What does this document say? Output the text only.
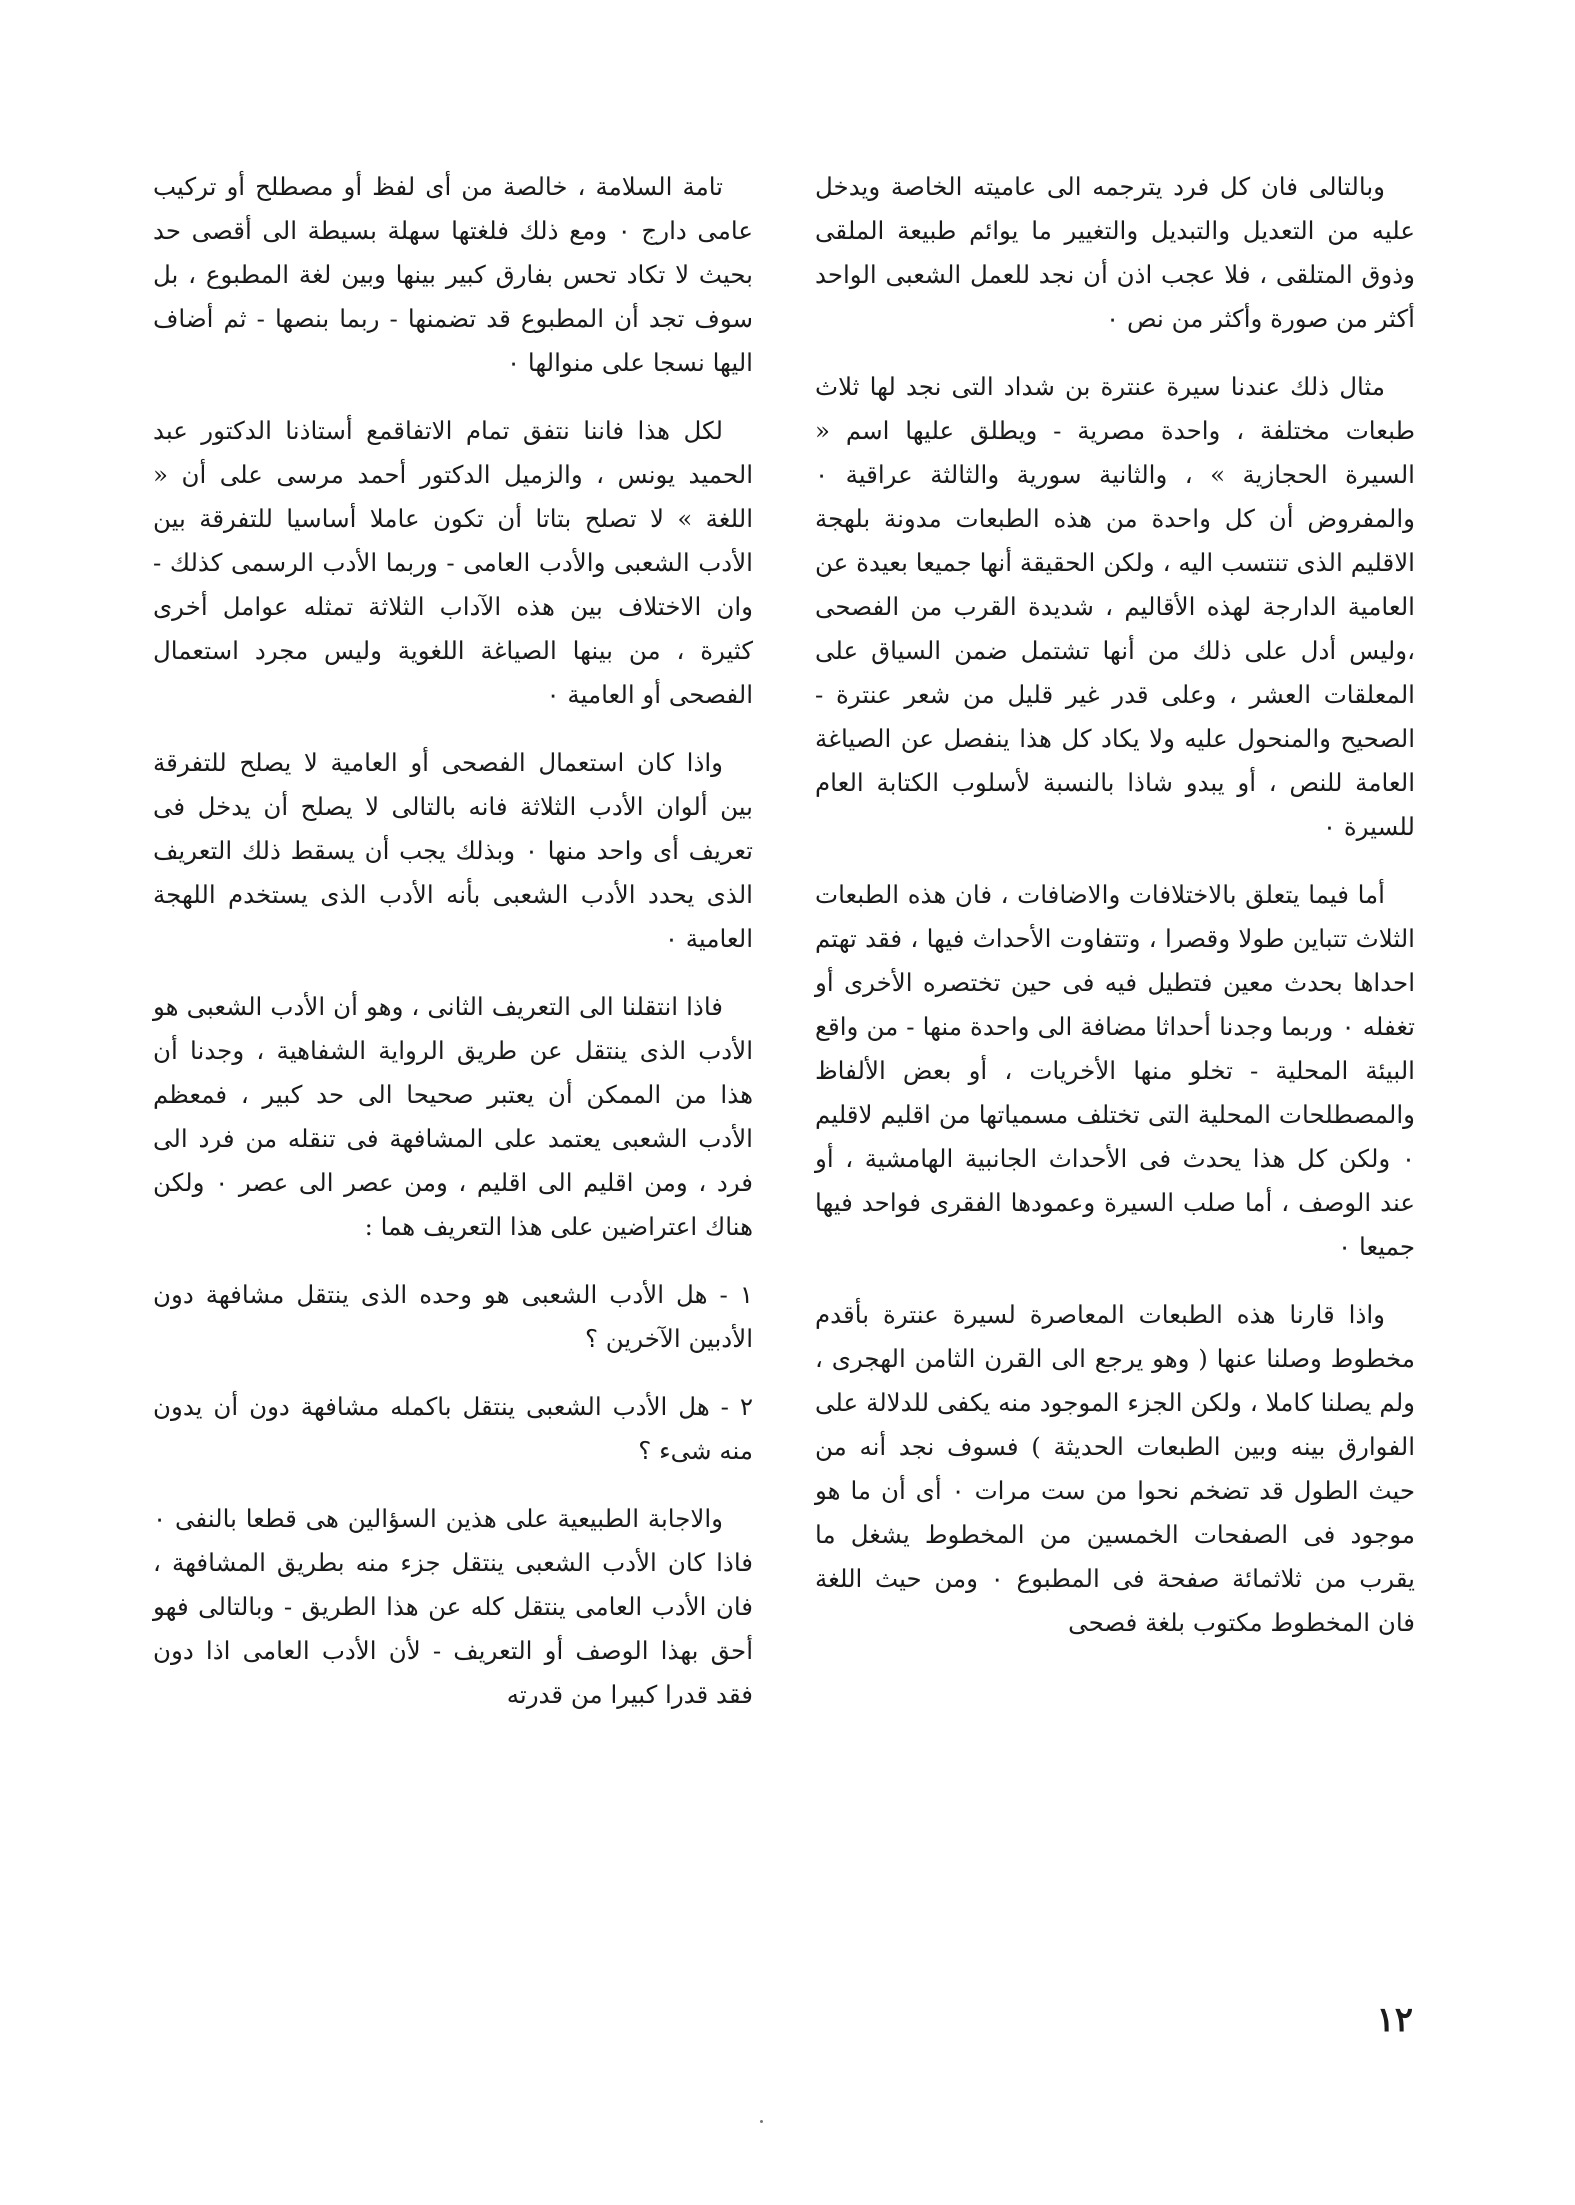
وبالتالى فان كل فرد يترجمه الى عاميته الخاصة ويدخل عليه من التعديل والتبديل والتغيير ما يوائم طبيعة الملقى وذوق المتلقى ، فلا عجب اذن أن نجد للعمل الشعبى الواحد أكثر من صورة وأكثر من نص ٠

مثال ذلك عندنا سيرة عنترة بن شداد التى نجد لها ثلاث طبعات مختلفة ، واحدة مصرية - ويطلق عليها اسم « السيرة الحجازية » ، والثانية سورية والثالثة عراقية ٠ والمفروض أن كل واحدة من هذه الطبعات مدونة بلهجة الاقليم الذى تنتسب اليه ، ولكن الحقيقة أنها جميعا بعيدة عن العامية الدارجة لهذه الأقاليم ، شديدة القرب من الفصحى ،وليس أدل على ذلك من أنها تشتمل ضمن السياق على المعلقات العشر ، وعلى قدر غير قليل من شعر عنترة - الصحيح والمنحول عليه ولا يكاد كل هذا ينفصل عن الصياغة العامة للنص ، أو يبدو شاذا بالنسبة لأسلوب الكتابة العام للسيرة ٠

أما فيما يتعلق بالاختلافات والاضافات ، فان هذه الطبعات الثلاث تتباين طولا وقصرا ، وتتفاوت الأحداث فيها ، فقد تهتم احداها بحدث معين فتطيل فيه فى حين تختصره الأخرى أو تغفله ٠ وربما وجدنا أحداثا مضافة الى واحدة منها - من واقع البيئة المحلية - تخلو منها الأخريات ، أو بعض الألفاظ والمصطلحات المحلية التى تختلف مسمياتها من اقليم لاقليم ٠ ولكن كل هذا يحدث فى الأحداث الجانبية الهامشية ، أو عند الوصف ، أما صلب السيرة وعمودها الفقرى فواحد فيها جميعا ٠

واذا قارنا هذه الطبعات المعاصرة لسيرة عنترة بأقدم مخطوط وصلنا عنها ( وهو يرجع الى القرن الثامن الهجرى ، ولم يصلنا كاملا ، ولكن الجزء الموجود منه يكفى للدلالة على الفوارق بينه وبين الطبعات الحديثة ) فسوف نجد أنه من حيث الطول قد تضخم نحوا من ست مرات ٠ أى أن ما هو موجود فى الصفحات الخمسين من المخطوط يشغل ما يقرب من ثلاثمائة صفحة فى المطبوع ٠ ومن حيث اللغة فان المخطوط مكتوب بلغة فصحى

تامة السلامة ، خالصة من أى لفظ أو مصطلح أو تركيب عامى دارج ٠ ومع ذلك فلغتها سهلة بسيطة الى أقصى حد بحيث لا تكاد تحس بفارق كبير بينها وبين لغة المطبوع ، بل سوف تجد أن المطبوع قد تضمنها - ربما بنصها - ثم أضاف اليها نسجا على منوالها ٠

لكل هذا فاننا نتفق تمام الاتفاقمع أستاذنا الدكتور عبد الحميد يونس ، والزميل الدكتور أحمد مرسى على أن « اللغة » لا تصلح بتاتا أن تكون عاملا أساسيا للتفرقة بين الأدب الشعبى والأدب العامى - وربما الأدب الرسمى كذلك - وان الاختلاف بين هذه الآداب الثلاثة تمثله عوامل أخرى كثيرة ، من بينها الصياغة اللغوية وليس مجرد استعمال الفصحى أو العامية ٠

واذا كان استعمال الفصحى أو العامية لا يصلح للتفرقة بين ألوان الأدب الثلاثة فانه بالتالى لا يصلح أن يدخل فى تعريف أى واحد منها ٠ وبذلك يجب أن يسقط ذلك التعريف الذى يحدد الأدب الشعبى بأنه الأدب الذى يستخدم اللهجة العامية ٠

فاذا انتقلنا الى التعريف الثانى ، وهو أن الأدب الشعبى هو الأدب الذى ينتقل عن طريق الرواية الشفاهية ، وجدنا أن هذا من الممكن أن يعتبر صحيحا الى حد كبير ، فمعظم الأدب الشعبى يعتمد على المشافهة فى تنقله من فرد الى فرد ، ومن اقليم الى اقليم ، ومن عصر الى عصر ٠ ولكن هناك اعتراضين على هذا التعريف هما :

١ - هل الأدب الشعبى هو وحده الذى ينتقل مشافهة دون الأدبين الآخرين ؟

٢ - هل الأدب الشعبى ينتقل باكمله مشافهة دون أن يدون منه شىء ؟

والاجابة الطبيعية على هذين السؤالين هى قطعا بالنفى ٠ فاذا كان الأدب الشعبى ينتقل جزء منه بطريق المشافهة ، فان الأدب العامى ينتقل كله عن هذا الطريق - وبالتالى فهو أحق بهذا الوصف أو التعريف - لأن الأدب العامى اذا دون فقد قدرا كبيرا من قدرته

١٢
